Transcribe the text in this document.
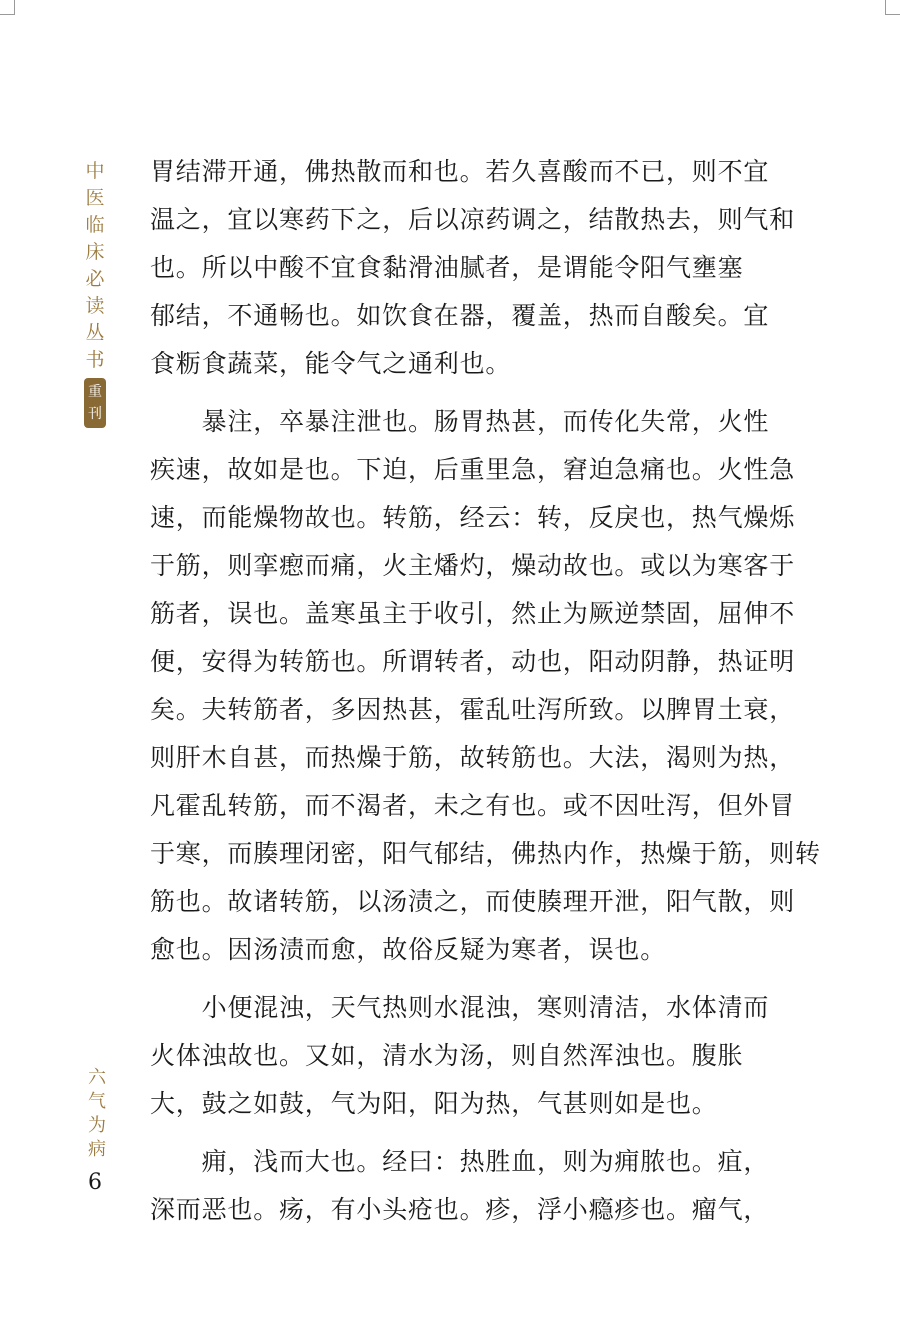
中
医
临
床
必
读
丛
书
重
刊
六
气
为
病
6
胃结滞开通，佛热散而和也。若久喜酸而不已，则不宜
温之，宜以寒药下之，后以凉药调之，结散热去，则气和
也。所以中酸不宜食黏滑油腻者，是谓能令阳气壅塞
郁结，不通畅也。如饮食在器，覆盖，热而自酸矣。宜
食粝食蔬菜，能令气之通利也。
　　暴注，卒暴注泄也。肠胃热甚，而传化失常，火性
疾速，故如是也。下迫，后重里急，窘迫急痛也。火性急
速，而能燥物故也。转筋，经云：转，反戾也，热气燥烁
于筋，则挛瘛而痛，火主燔灼，燥动故也。或以为寒客于
筋者，误也。盖寒虽主于收引，然止为厥逆禁固，屈伸不
便，安得为转筋也。所谓转者，动也，阳动阴静，热证明
矣。夫转筋者，多因热甚，霍乱吐泻所致。以脾胃土衰，
则肝木自甚，而热燥于筋，故转筋也。大法，渴则为热，
凡霍乱转筋，而不渴者，未之有也。或不因吐泻，但外冒
于寒，而腠理闭密，阳气郁结，佛热内作，热燥于筋，则转
筋也。故诸转筋，以汤渍之，而使腠理开泄，阳气散，则
愈也。因汤渍而愈，故俗反疑为寒者，误也。
　　小便混浊，天气热则水混浊，寒则清洁，水体清而
火体浊故也。又如，清水为汤，则自然浑浊也。腹胀
大，鼓之如鼓，气为阳，阳为热，气甚则如是也。
　　痈，浅而大也。经曰：热胜血，则为痈脓也。疽，
深而恶也。疡，有小头疮也。疹，浮小瘾疹也。瘤气，
